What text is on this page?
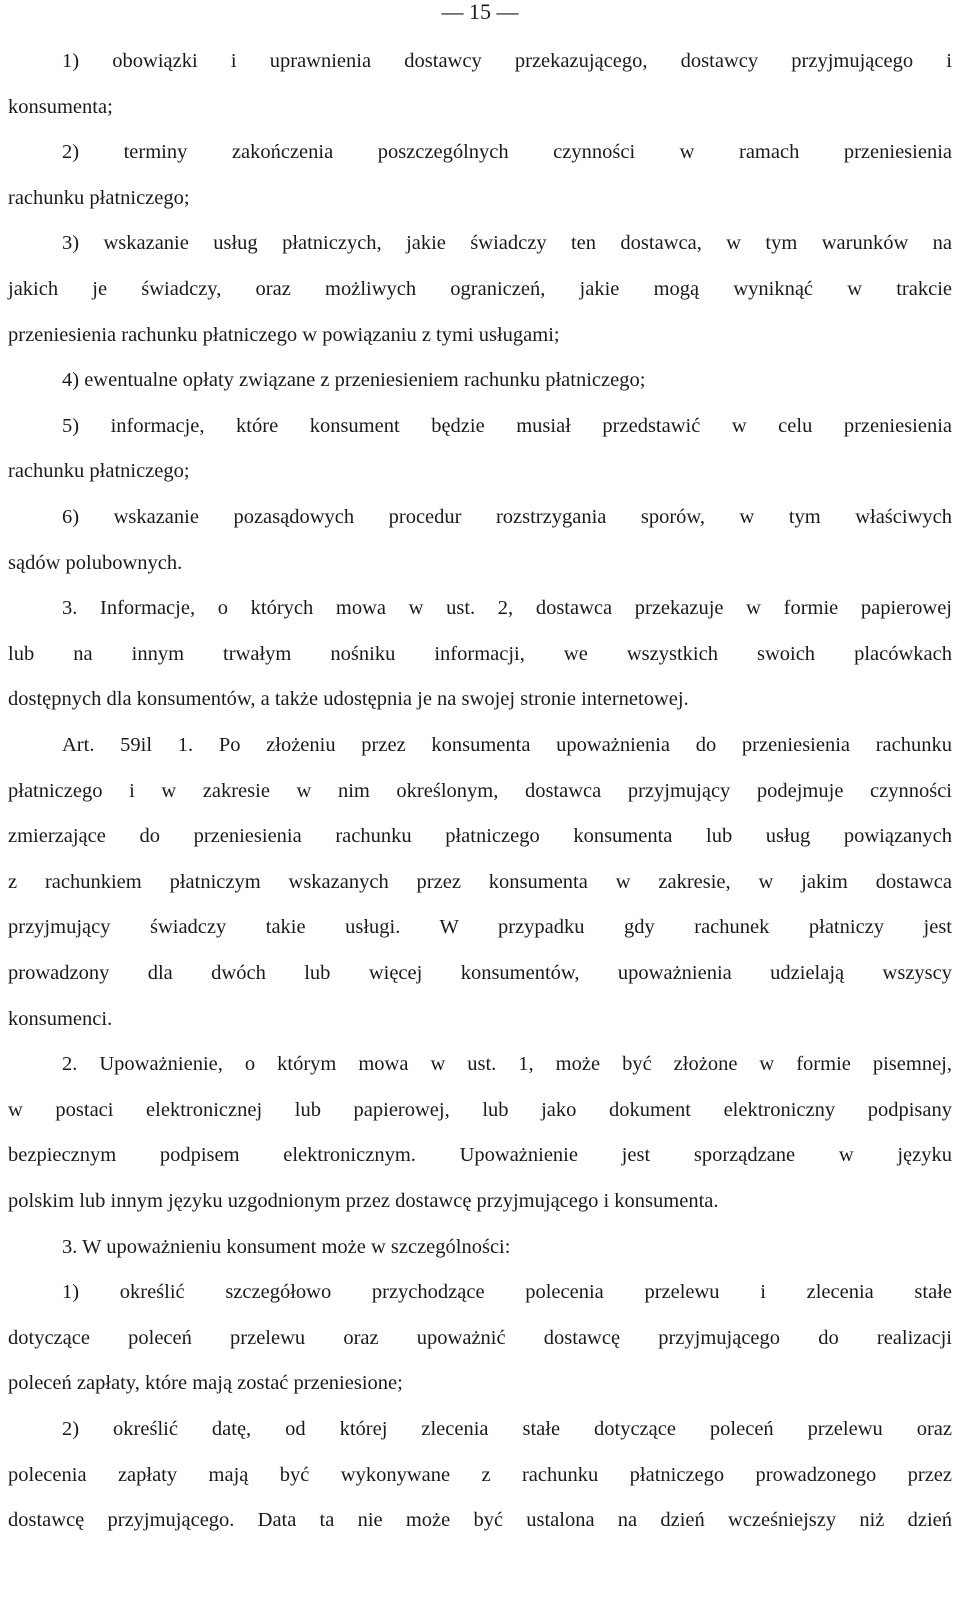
— 15 —
1) obowiązki i uprawnienia dostawcy przekazującego, dostawcy przyjmującego i
konsumenta;
2) terminy zakończenia poszczególnych czynności w ramach przeniesienia
rachunku płatniczego;
3) wskazanie usług płatniczych, jakie świadczy ten dostawca, w tym warunków na
jakich je świadczy, oraz możliwych ograniczeń, jakie mogą wyniknąć w trakcie
przeniesienia rachunku płatniczego w powiązaniu z tymi usługami;
4) ewentualne opłaty związane z przeniesieniem rachunku płatniczego;
5) informacje, które konsument będzie musiał przedstawić w celu przeniesienia
rachunku płatniczego;
6) wskazanie pozasądowych procedur rozstrzygania sporów, w tym właściwych
sądów polubownych.
3. Informacje, o których mowa w ust. 2, dostawca przekazuje w formie papierowej
lub na innym trwałym nośniku informacji, we wszystkich swoich placówkach
dostępnych dla konsumentów, a także udostępnia je na swojej stronie internetowej.
Art. 59il 1. Po złożeniu przez konsumenta upoważnienia do przeniesienia rachunku
płatniczego i w zakresie w nim określonym, dostawca przyjmujący podejmuje czynności
zmierzające do przeniesienia rachunku płatniczego konsumenta lub usług powiązanych
z rachunkiem płatniczym wskazanych przez konsumenta w zakresie, w jakim dostawca
przyjmujący świadczy takie usługi. W przypadku gdy rachunek płatniczy jest
prowadzony dla dwóch lub więcej konsumentów, upoważnienia udzielają wszyscy
konsumenci.
2. Upoważnienie, o którym mowa w ust. 1, może być złożone w formie pisemnej,
w postaci elektronicznej lub papierowej, lub jako dokument elektroniczny podpisany
bezpiecznym podpisem elektronicznym. Upoważnienie jest sporządzane w języku
polskim lub innym języku uzgodnionym przez dostawcę przyjmującego i konsumenta.
3. W upoważnieniu konsument może w szczególności:
1) określić szczegółowo przychodzące polecenia przelewu i zlecenia stałe
dotyczące poleceń przelewu oraz upoważnić dostawcę przyjmującego do realizacji
poleceń zapłaty, które mają zostać przeniesione;
2) określić datę, od której zlecenia stałe dotyczące poleceń przelewu oraz
polecenia zapłaty mają być wykonywane z rachunku płatniczego prowadzonego przez
dostawcę przyjmującego. Data ta nie może być ustalona na dzień wcześniejszy niż dzień
